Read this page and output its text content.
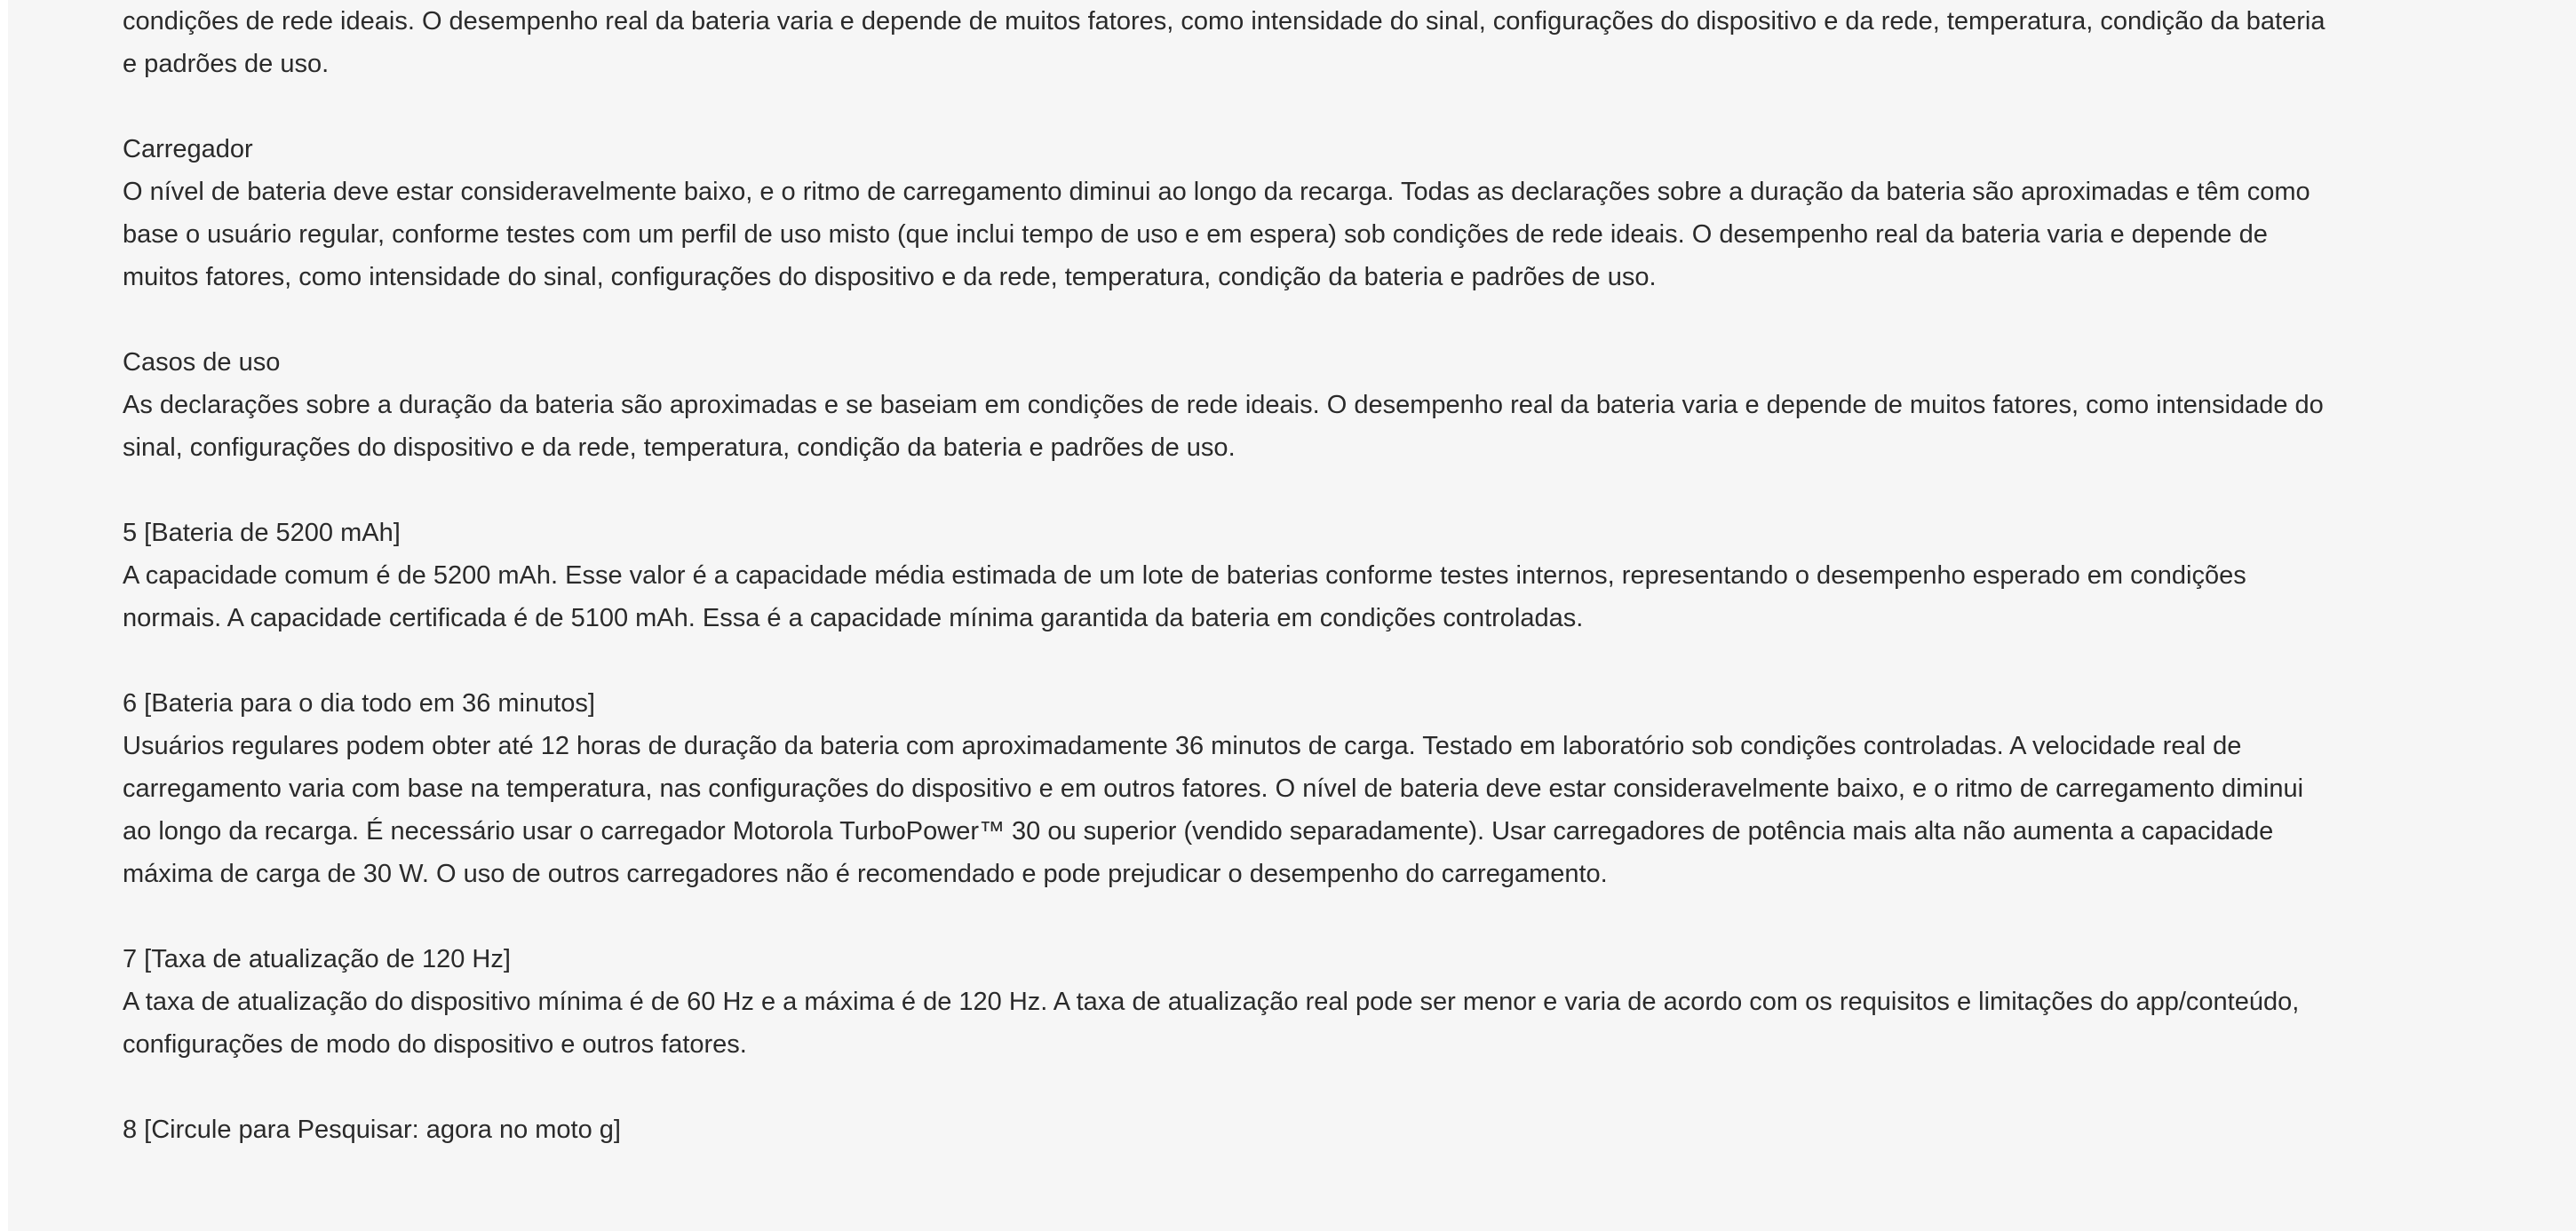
condições de rede ideais. O desempenho real da bateria varia e depende de muitos fatores, como intensidade do sinal, configurações do dispositivo e da rede, temperatura, condição da bateria e padrões de uso.
Carregador
O nível de bateria deve estar consideravelmente baixo, e o ritmo de carregamento diminui ao longo da recarga. Todas as declarações sobre a duração da bateria são aproximadas e têm como base o usuário regular, conforme testes com um perfil de uso misto (que inclui tempo de uso e em espera) sob condições de rede ideais. O desempenho real da bateria varia e depende de muitos fatores, como intensidade do sinal, configurações do dispositivo e da rede, temperatura, condição da bateria e padrões de uso.
Casos de uso
As declarações sobre a duração da bateria são aproximadas e se baseiam em condições de rede ideais. O desempenho real da bateria varia e depende de muitos fatores, como intensidade do sinal, configurações do dispositivo e da rede, temperatura, condição da bateria e padrões de uso.
5 [Bateria de 5200 mAh]
A capacidade comum é de 5200 mAh. Esse valor é a capacidade média estimada de um lote de baterias conforme testes internos, representando o desempenho esperado em condições normais. A capacidade certificada é de 5100 mAh. Essa é a capacidade mínima garantida da bateria em condições controladas.
6 [Bateria para o dia todo em 36 minutos]
Usuários regulares podem obter até 12 horas de duração da bateria com aproximadamente 36 minutos de carga. Testado em laboratório sob condições controladas. A velocidade real de carregamento varia com base na temperatura, nas configurações do dispositivo e em outros fatores. O nível de bateria deve estar consideravelmente baixo, e o ritmo de carregamento diminui ao longo da recarga. É necessário usar o carregador Motorola TurboPower™ 30 ou superior (vendido separadamente). Usar carregadores de potência mais alta não aumenta a capacidade máxima de carga de 30 W. O uso de outros carregadores não é recomendado e pode prejudicar o desempenho do carregamento.
7 [Taxa de atualização de 120 Hz]
A taxa de atualização do dispositivo mínima é de 60 Hz e a máxima é de 120 Hz. A taxa de atualização real pode ser menor e varia de acordo com os requisitos e limitações do app/conteúdo, configurações de modo do dispositivo e outros fatores.
8 [Circule para Pesquisar: agora no moto g]
